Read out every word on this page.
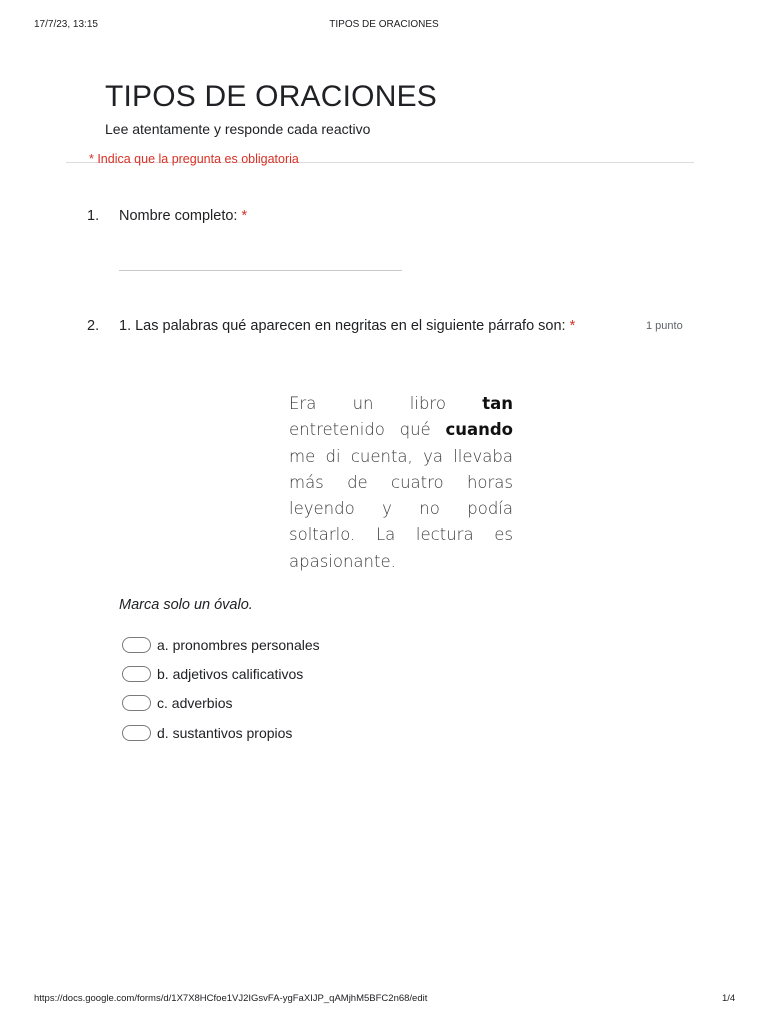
17/7/23, 13:15	TIPOS DE ORACIONES
TIPOS DE ORACIONES
Lee atentamente y responde cada reactivo
* Indica que la pregunta es obligatoria
1. Nombre completo: *
2. 1. Las palabras qué aparecen en negritas en el siguiente párrafo son: *	1 punto

Era un libro tan entretenido qué cuando me di cuenta, ya llevaba más de cuatro horas leyendo y no podía soltarlo. La lectura es apasionante.

Marca solo un óvalo.
a. pronombres personales
b. adjetivos calificativos
c. adverbios
d. sustantivos propios
https://docs.google.com/forms/d/1X7X8HCfoe1VJ2IGsvFA-ygFaXIJP_qAMjhM5BFC2n68/edit	1/4
